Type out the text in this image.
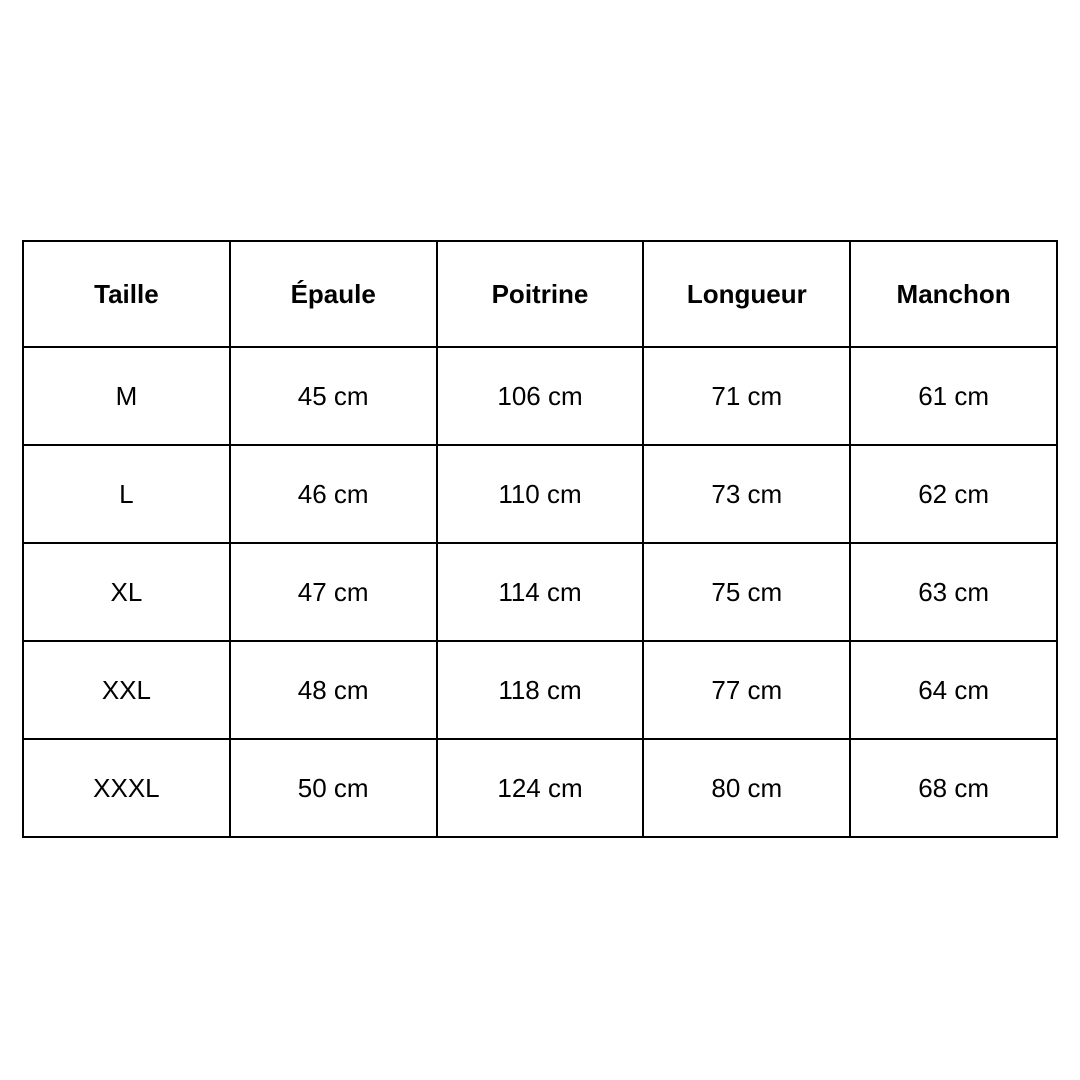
Taille	Épaule	Poitrine	Longueur	Manchon
M	45 cm	106 cm	71 cm	61 cm
L	46 cm	110 cm	73 cm	62 cm
XL	47 cm	114 cm	75 cm	63 cm
XXL	48 cm	118 cm	77 cm	64 cm
XXXL	50 cm	124 cm	80 cm	68 cm
